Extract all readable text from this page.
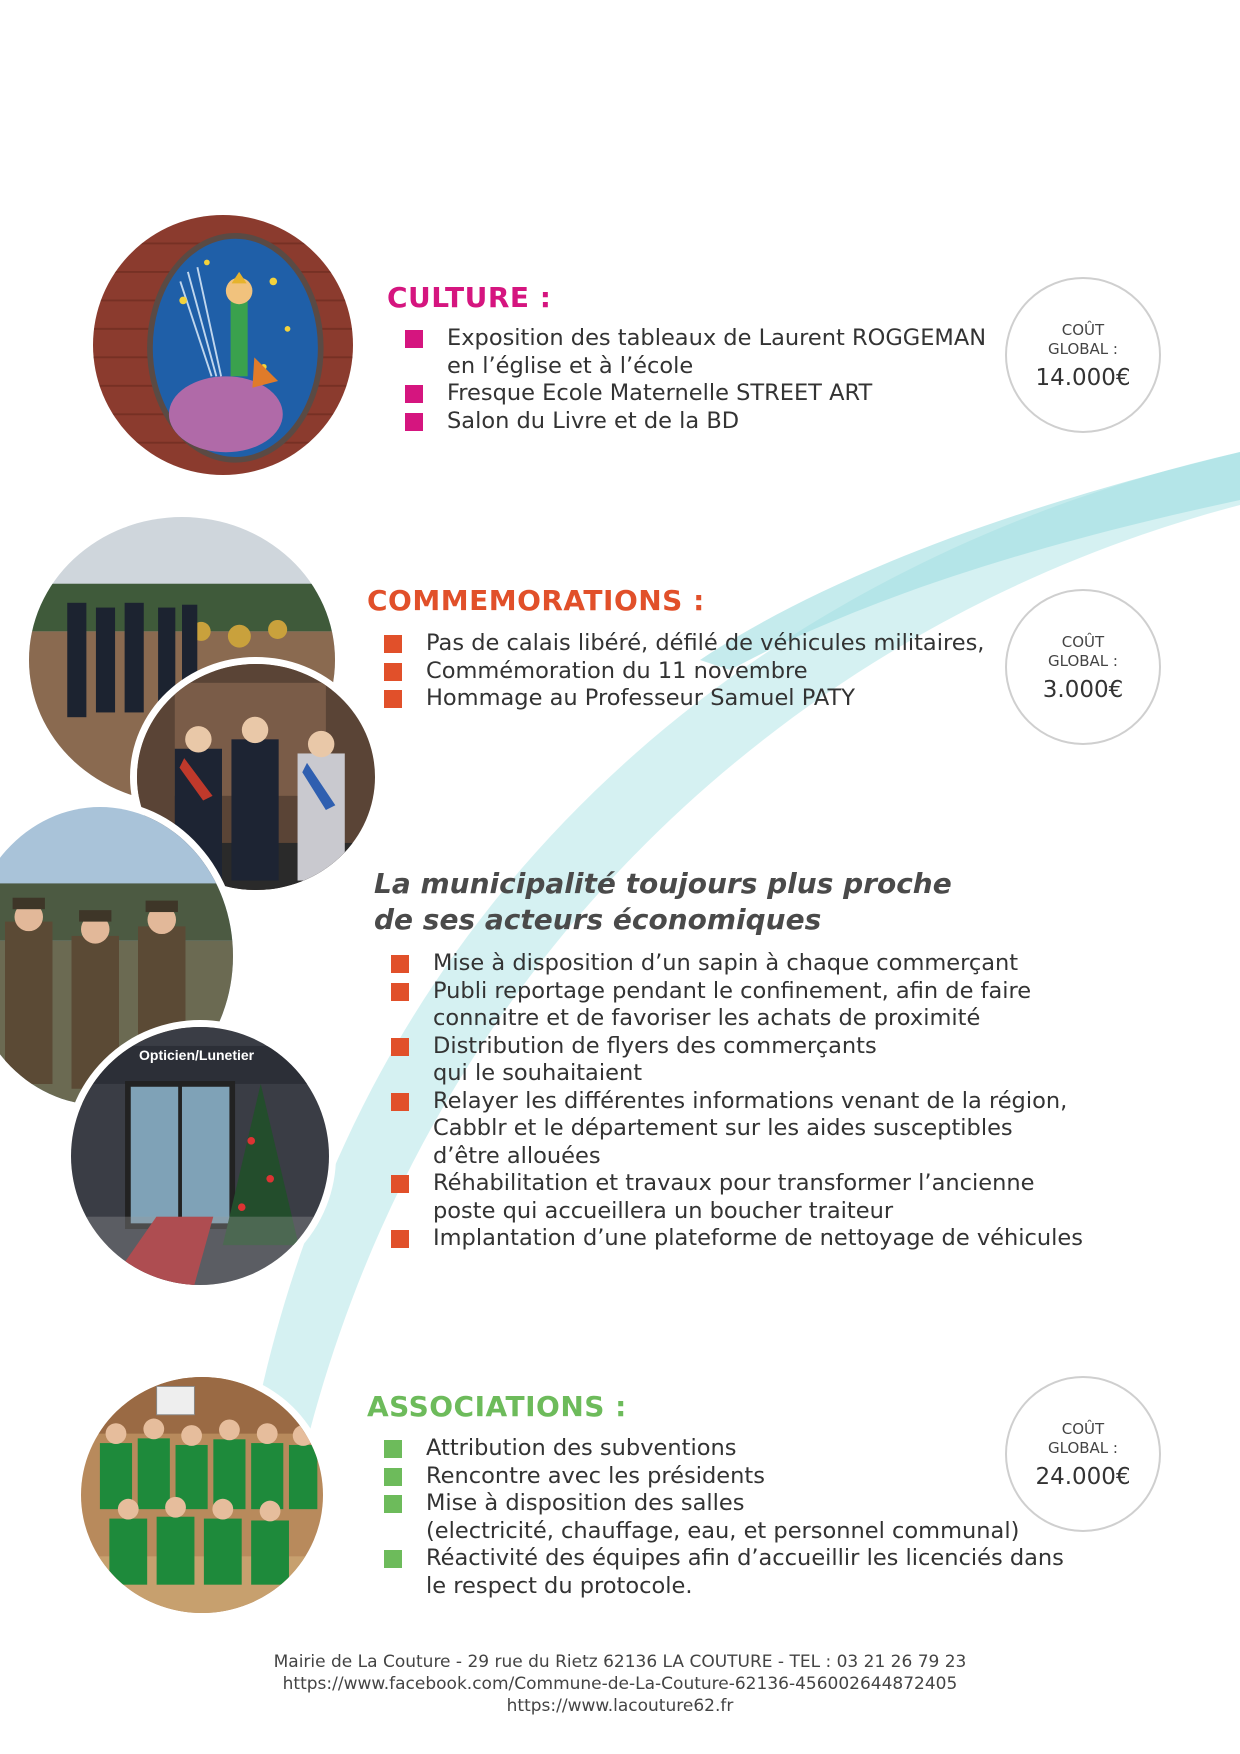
CULTURE :
Exposition des tableaux de Laurent ROGGEMAN
en l’église et à l’école
Fresque Ecole Maternelle STREET ART
Salon du Livre et de la BD
COÛT
GLOBAL :
14.000€
COMMEMORATIONS :
Pas de calais libéré, défilé de véhicules militaires,
Commémoration du 11 novembre
Hommage au Professeur Samuel PATY
COÛT
GLOBAL :
3.000€
Opticien/Lunetier
La municipalité toujours plus proche
de ses acteurs économiques
Mise à disposition d’un sapin à chaque commerçant
Publi reportage pendant le confinement, afin de faire
connaitre et de favoriser les achats de proximité
Distribution de flyers des commerçants
qui le souhaitaient
Relayer les différentes informations venant de la région,
Cabblr et le département sur les aides susceptibles
d’être allouées
Réhabilitation et travaux pour transformer l’ancienne
poste qui accueillera un boucher traiteur
Implantation d’une plateforme de nettoyage de véhicules
ASSOCIATIONS :
Attribution des subventions
Rencontre avec les présidents
Mise à disposition des salles
(electricité, chauffage, eau, et personnel communal)
Réactivité des équipes afin d’accueillir les licenciés dans
le respect du protocole.
COÛT
GLOBAL :
24.000€
Mairie de La Couture - 29 rue du Rietz 62136 LA COUTURE - TEL : 03 21 26 79 23
https://www.facebook.com/Commune-de-La-Couture-62136-456002644872405
https://www.lacouture62.fr
